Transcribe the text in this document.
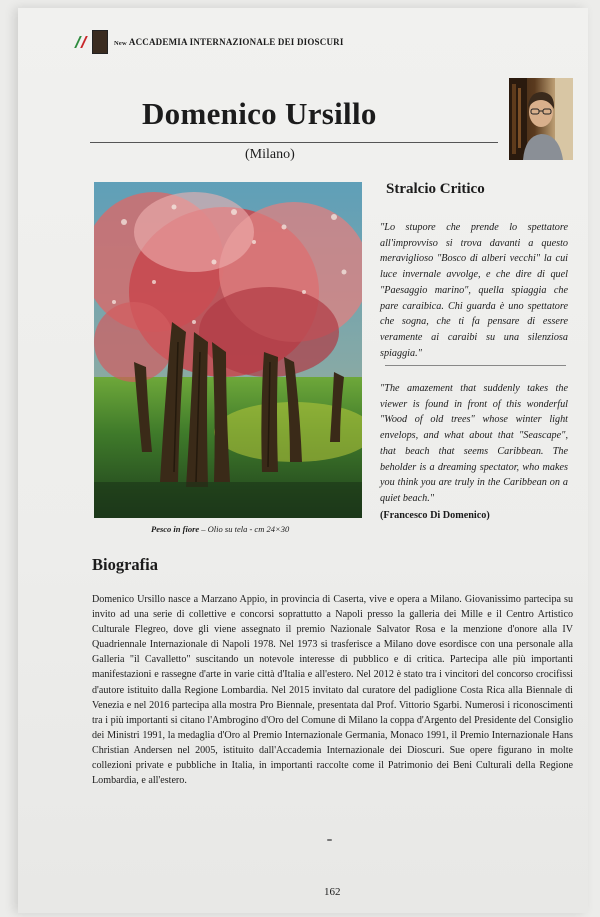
New ACCADEMIA INTERNAZIONALE DEI DIOSCURI
Pesco in fiore – Olio su tela - cm 24×30
Stralcio Critico
"Lo stupore che prende lo spettatore all'improvviso si trova davanti a questo meraviglioso "Bosco di alberi vecchi" la cui luce invernale avvolge, e che dire di quel "Paesaggio marino", quella spiaggia che pare caraibica. Chi guarda è uno spettatore che sogna, che ti fa pensare di essere veramente ai caraibi su una silenziosa spiaggia."
"The amazement that suddenly takes the viewer is found in front of this wonderful "Wood of old trees" whose winter light envelops, and what about that "Seascape", that beach that seems Caribbean. The beholder is a dreaming spectator, who makes you think you are truly in the Caribbean on a quiet beach."
(Francesco Di Domenico)
Biografia
Domenico Ursillo nasce a Marzano Appio, in provincia di Caserta, vive e opera a Milano. Giovanissimo partecipa su invito ad una serie di collettive e concorsi soprattutto a Napoli presso la galleria dei Mille e il Centro Artistico Culturale Flegreo, dove gli viene assegnato il premio Nazionale Salvator Rosa e la menzione d'onore alla IV Quadriennale Internazionale di Napoli 1978. Nel 1973 si trasferisce a Milano dove esordisce con una personale alla Galleria "il Cavalletto" suscitando un notevole interesse di pubblico e di critica. Partecipa alle più importanti manifestazioni e rassegne d'arte in varie città d'Italia e all'estero. Nel 2012 è stato tra i vincitori del concorso crocifissi d'autore istituito dalla Regione Lombardia. Nel 2015 invitato dal curatore del padiglione Costa Rica alla Biennale di Venezia e nel 2016 partecipa alla mostra Pro Biennale, presentata dal Prof. Vittorio Sgarbi. Numerosi i riconoscimenti tra i più importanti si citano l'Ambrogino d'Oro del Comune di Milano la coppa d'Argento del Presidente del Consiglio dei Ministri 1991, la medaglia d'Oro al Premio Internazionale Germania, Monaco 1991, il Premio Internazionale Hans Christian Andersen nel 2005, istituito dall'Accademia Internazionale dei Dioscuri. Sue opere figurano in molte collezioni private e pubbliche in Italia, in importanti raccolte come il Patrimonio dei Beni Culturali della Regione Lombardia, e all'estero.
162
Domenico Ursillo
(Milano)
